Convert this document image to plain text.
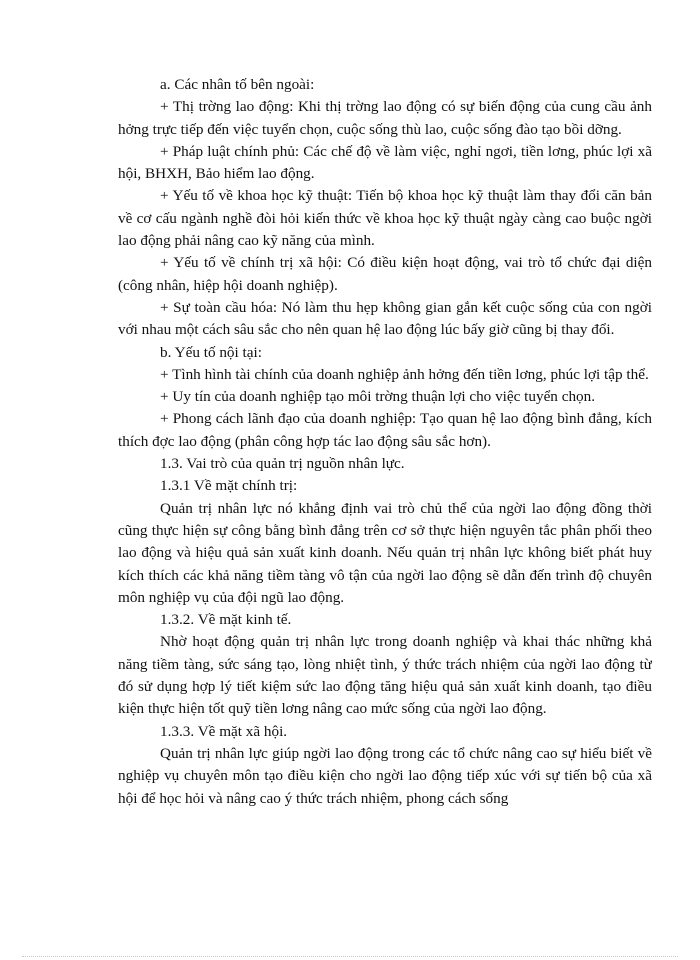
a. Các nhân tố bên ngoài:

+ Thị trờng lao động: Khi thị trờng lao động có sự biến động của cung cầu ảnh hởng trực tiếp đến việc tuyển chọn, cuộc sống thù lao, cuộc sống đào tạo bồi dỡng.

+ Pháp luật chính phủ: Các chế độ về làm việc, nghỉ ngơi, tiền lơng, phúc lợi xã hội, BHXH, Bảo hiểm lao động.

+ Yếu tố về khoa học kỹ thuật: Tiến bộ khoa học kỹ thuật làm thay đổi căn bản về cơ cấu ngành nghề đòi hỏi kiến thức về khoa học kỹ thuật ngày càng cao buộc ngời lao động phải nâng cao kỹ năng của mình.

+ Yếu tố về chính trị xã hội: Có điều kiện hoạt động, vai trò tổ chức đại diện (công nhân, hiệp hội doanh nghiệp).

+ Sự toàn cầu hóa: Nó làm thu hẹp không gian gắn kết cuộc sống của con ngời với nhau một cách sâu sắc cho nên quan hệ lao động lúc bấy giờ cũng bị thay đổi.

b. Yếu tố nội tại:

+ Tình hình tài chính của doanh nghiệp ảnh hởng đến tiền lơng, phúc lợi tập thể.

+ Uy tín của doanh nghiệp tạo môi trờng thuận lợi cho việc tuyển chọn.

+ Phong cách lãnh đạo của doanh nghiệp: Tạo quan hệ lao động bình đẳng, kích thích đợc lao động (phân công hợp tác lao động sâu sắc hơn).

1.3. Vai trò của quản trị nguồn nhân lực.

1.3.1 Về mặt chính trị:

Quản trị nhân lực nó khẳng định vai trò chủ thể của ngời lao động đồng thời cũng thực hiện sự công bằng bình đẳng trên cơ sở thực hiện nguyên tắc phân phối theo lao động và hiệu quả sản xuất kinh doanh. Nếu quản trị nhân lực không biết phát huy kích thích các khả năng tiềm tàng vô tận của ngời lao động sẽ dẫn đến trình độ chuyên môn nghiệp vụ của đội ngũ lao động.

1.3.2. Về mặt kinh tế.

Nhờ hoạt động quản trị nhân lực trong doanh nghiệp và khai thác những khả năng tiềm tàng, sức sáng tạo, lòng nhiệt tình, ý thức trách nhiệm của ngời lao động từ đó sử dụng hợp lý tiết kiệm sức lao động tăng hiệu quả sản xuất kinh doanh, tạo điều kiện thực hiện tốt quỹ tiền lơng nâng cao mức sống của ngời lao động.

1.3.3. Về mặt xã hội.

Quản trị nhân lực giúp ngời lao động trong các tổ chức nâng cao sự hiểu biết về nghiệp vụ chuyên môn tạo điều kiện cho ngời lao động tiếp xúc với sự tiến bộ của xã hội để học hỏi và nâng cao ý thức trách nhiệm, phong cách sống
